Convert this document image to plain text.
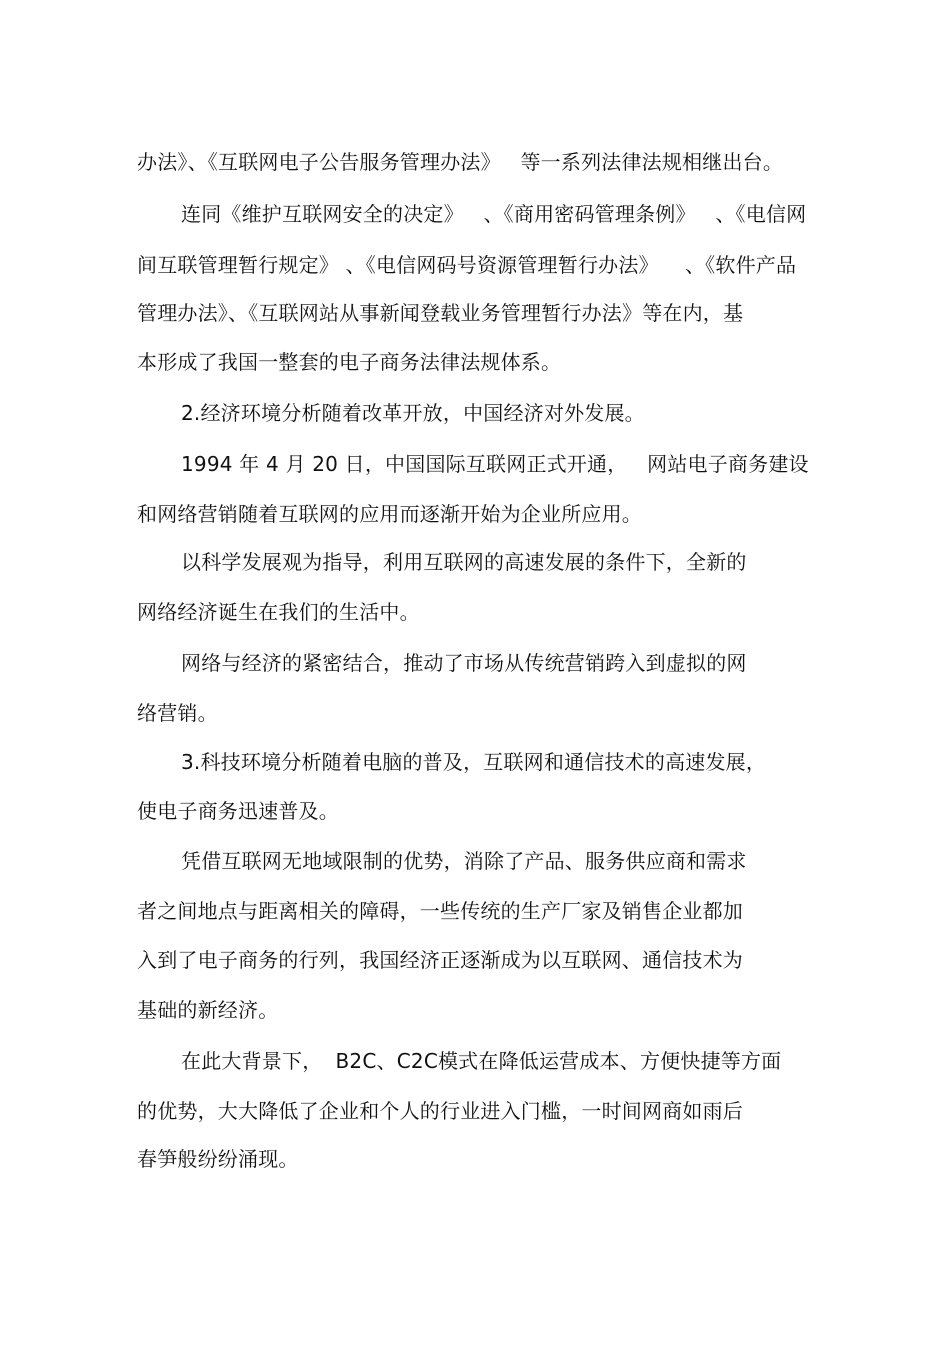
办法》、《互联网电子公告服务管理办法》   等一系列法律法规相继出台。
连同《维护互联网安全的决定》   、《商用密码管理条例》   、《电信网
间互联管理暂行规定》 、《电信网码号资源管理暂行办法》    、《软件产品
管理办法》、《互联网站从事新闻登载业务管理暂行办法》等在内，基
本形成了我国一整套的电子商务法律法规体系。
2.经济环境分析随着改革开放，中国经济对外发展。
1994 年 4 月 20 日，中国国际互联网正式开通，   网站电子商务建设
和网络营销随着互联网的应用而逐渐开始为企业所应用。
以科学发展观为指导，利用互联网的高速发展的条件下，全新的
网络经济诞生在我们的生活中。
网络与经济的紧密结合，推动了市场从传统营销跨入到虚拟的网
络营销。
3.科技环境分析随着电脑的普及，互联网和通信技术的高速发展，
使电子商务迅速普及。
凭借互联网无地域限制的优势，消除了产品、服务供应商和需求
者之间地点与距离相关的障碍，一些传统的生产厂家及销售企业都加
入到了电子商务的行列，我国经济正逐渐成为以互联网、通信技术为
基础的新经济。
在此大背景下，  B2C、C2C模式在降低运营成本、方便快捷等方面
的优势，大大降低了企业和个人的行业进入门槛，一时间网商如雨后
春笋般纷纷涌现。
